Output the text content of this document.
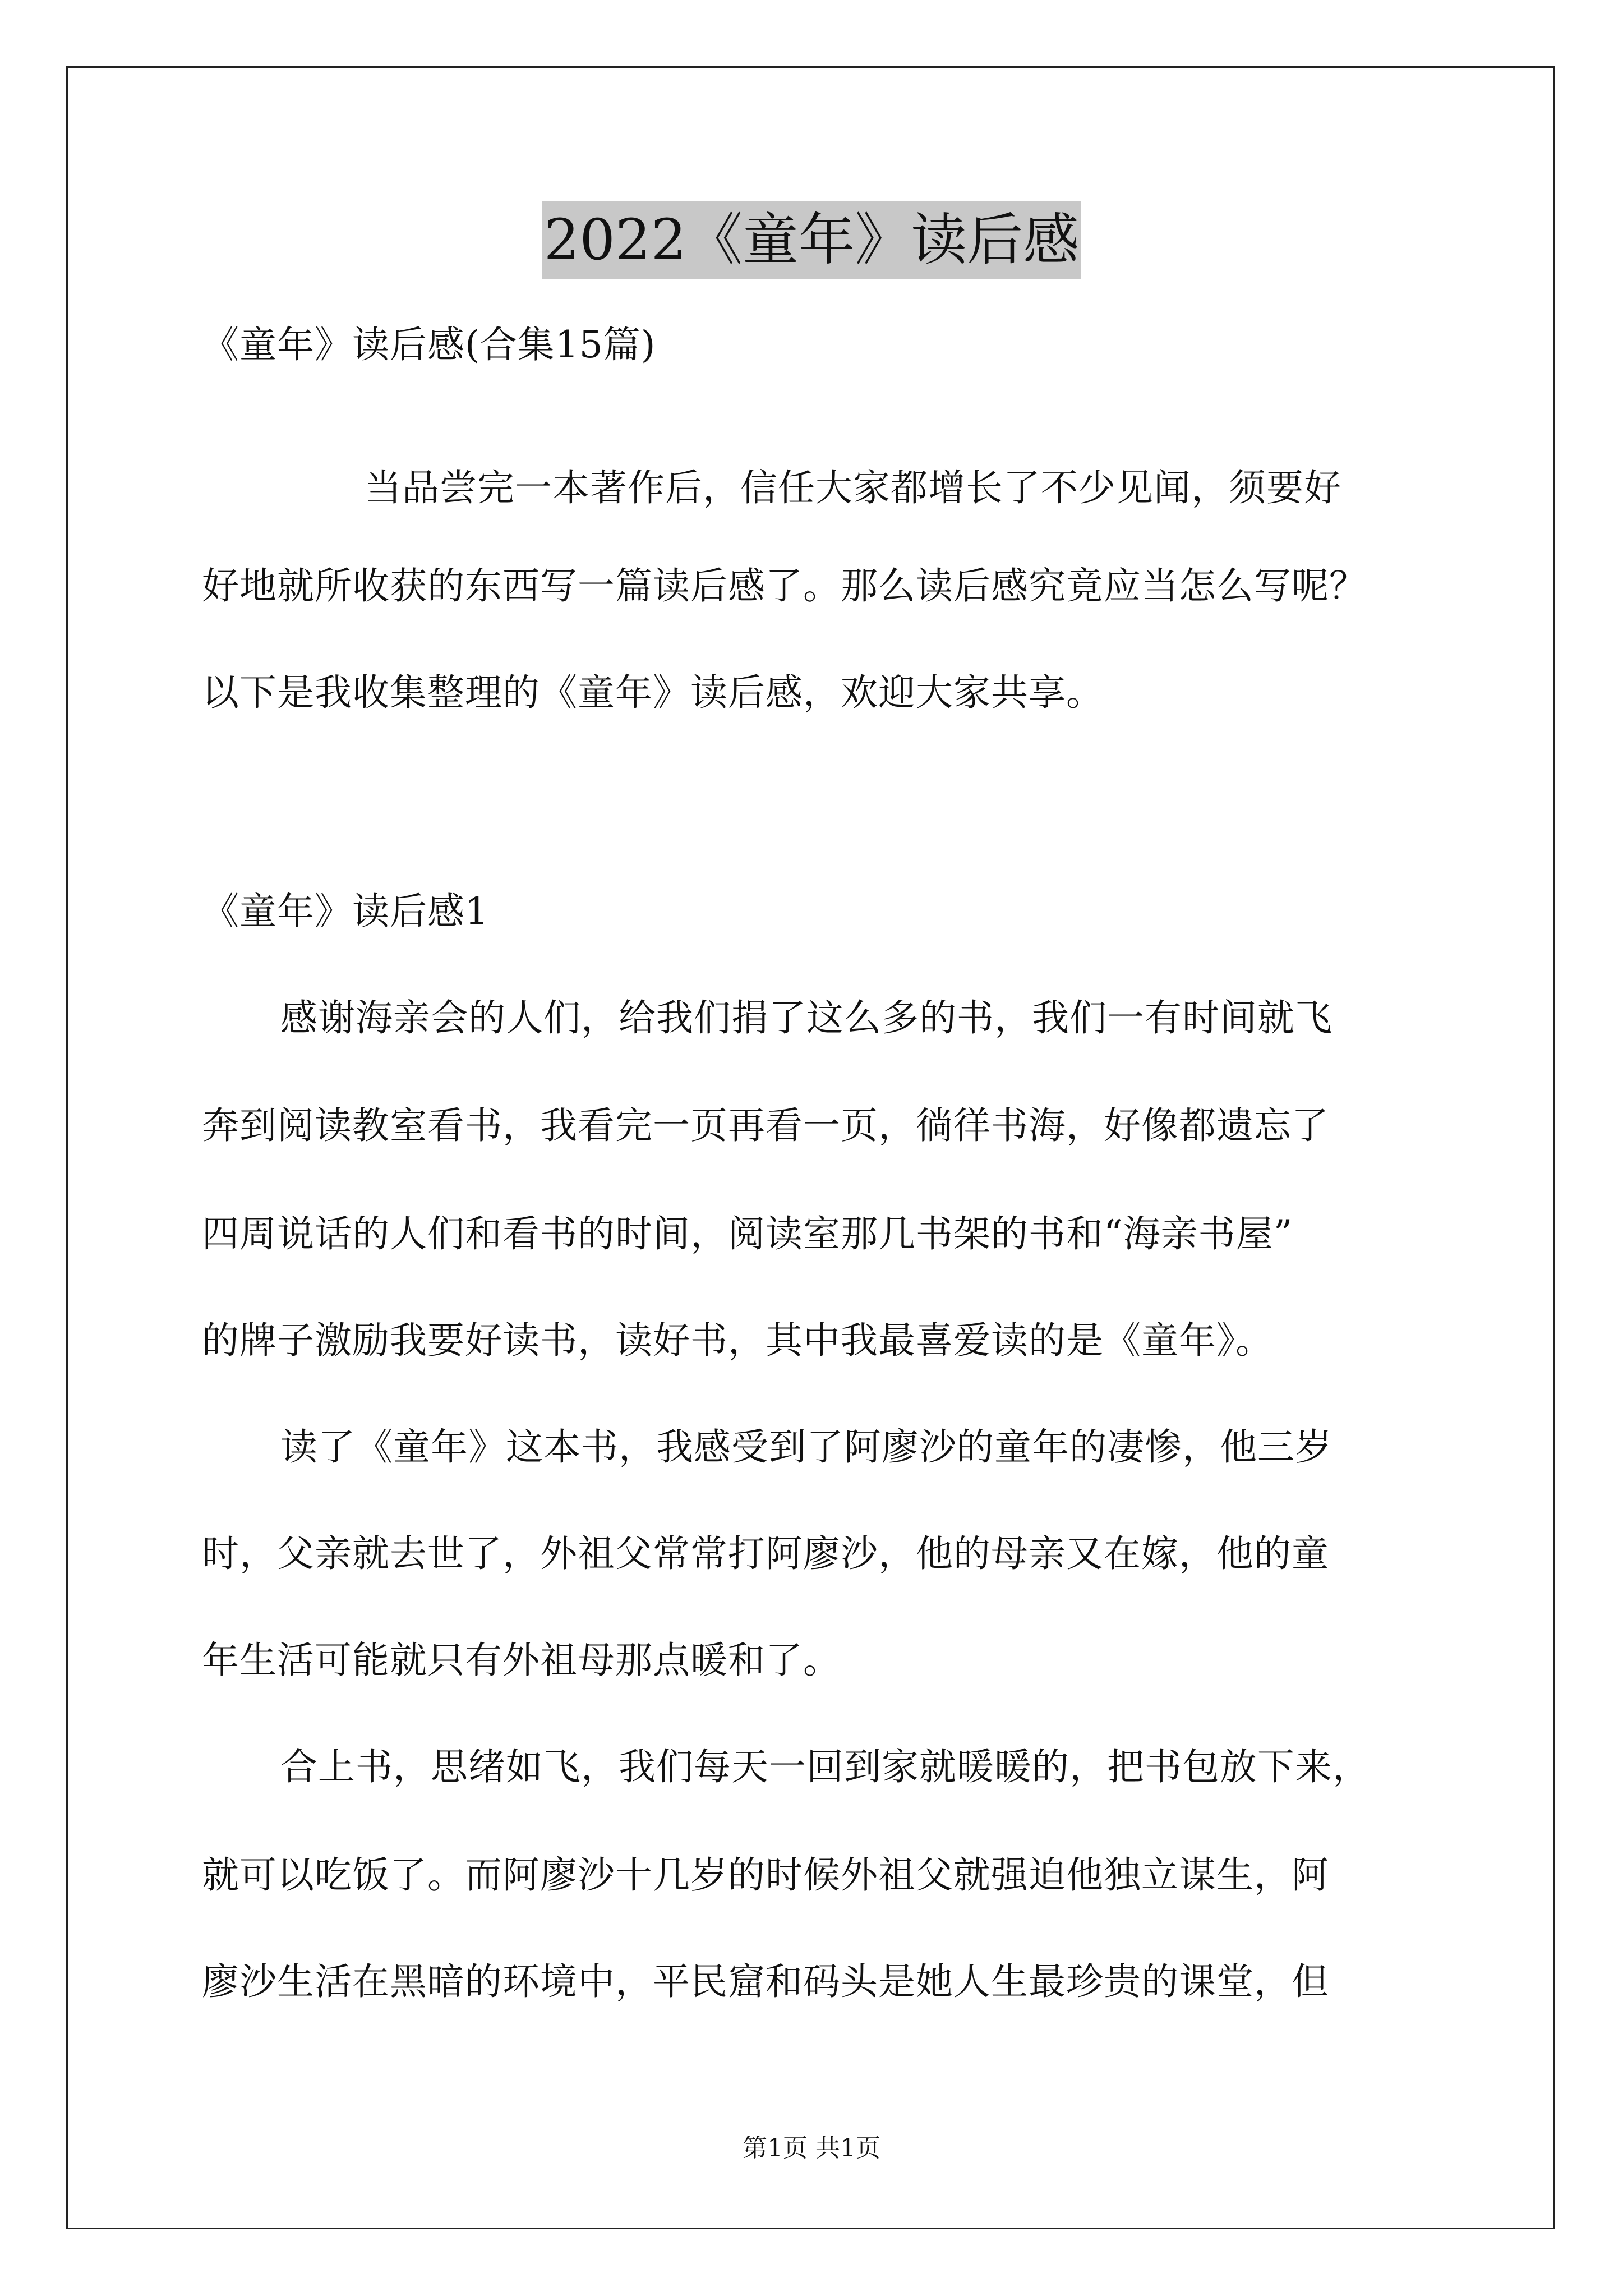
2022《童年》读后感
《童年》读后感(合集15篇)
当品尝完一本著作后，信任大家都增长了不少见闻，须要好
好地就所收获的东西写一篇读后感了。那么读后感究竟应当怎么写呢？
以下是我收集整理的《童年》读后感，欢迎大家共享。
《童年》读后感1
感谢海亲会的人们，给我们捐了这么多的书，我们一有时间就飞
奔到阅读教室看书，我看完一页再看一页，徜徉书海，好像都遗忘了
四周说话的人们和看书的时间，阅读室那几书架的书和“海亲书屋”
的牌子激励我要好读书，读好书，其中我最喜爱读的是《童年》。
读了《童年》这本书，我感受到了阿廖沙的童年的凄惨，他三岁
时，父亲就去世了，外祖父常常打阿廖沙，他的母亲又在嫁，他的童
年生活可能就只有外祖母那点暖和了。
合上书，思绪如飞，我们每天一回到家就暖暖的，把书包放下来，
就可以吃饭了。而阿廖沙十几岁的时候外祖父就强迫他独立谋生，阿
廖沙生活在黑暗的环境中，平民窟和码头是她人生最珍贵的课堂，但
第1页 共1页
